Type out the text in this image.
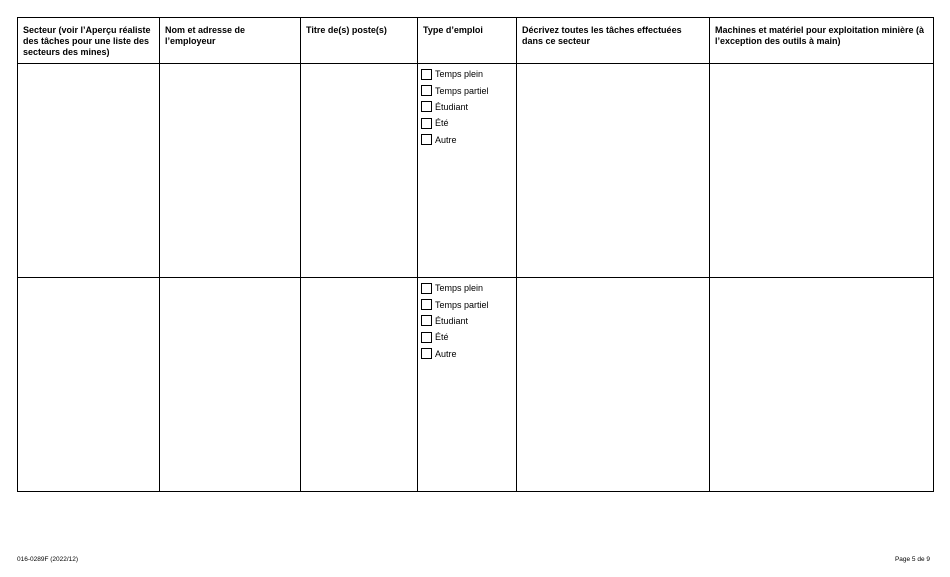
Secteur (voir l’Aperçu réaliste des tâches pour une liste des secteurs des mines)	Nom et adresse de l’employeur	Titre de(s) poste(s)	Type d’emploi	Décrivez toutes les tâches effectuées dans ce secteur	Machines et matériel pour exploitation minière (à l’exception des outils à main)

			Temps plein
Temps partiel
Étudiant
Été
Autre		

			Temps plein
Temps partiel
Étudiant
Été
Autre		

016-0289F (2022/12)	Page 5 de 9
